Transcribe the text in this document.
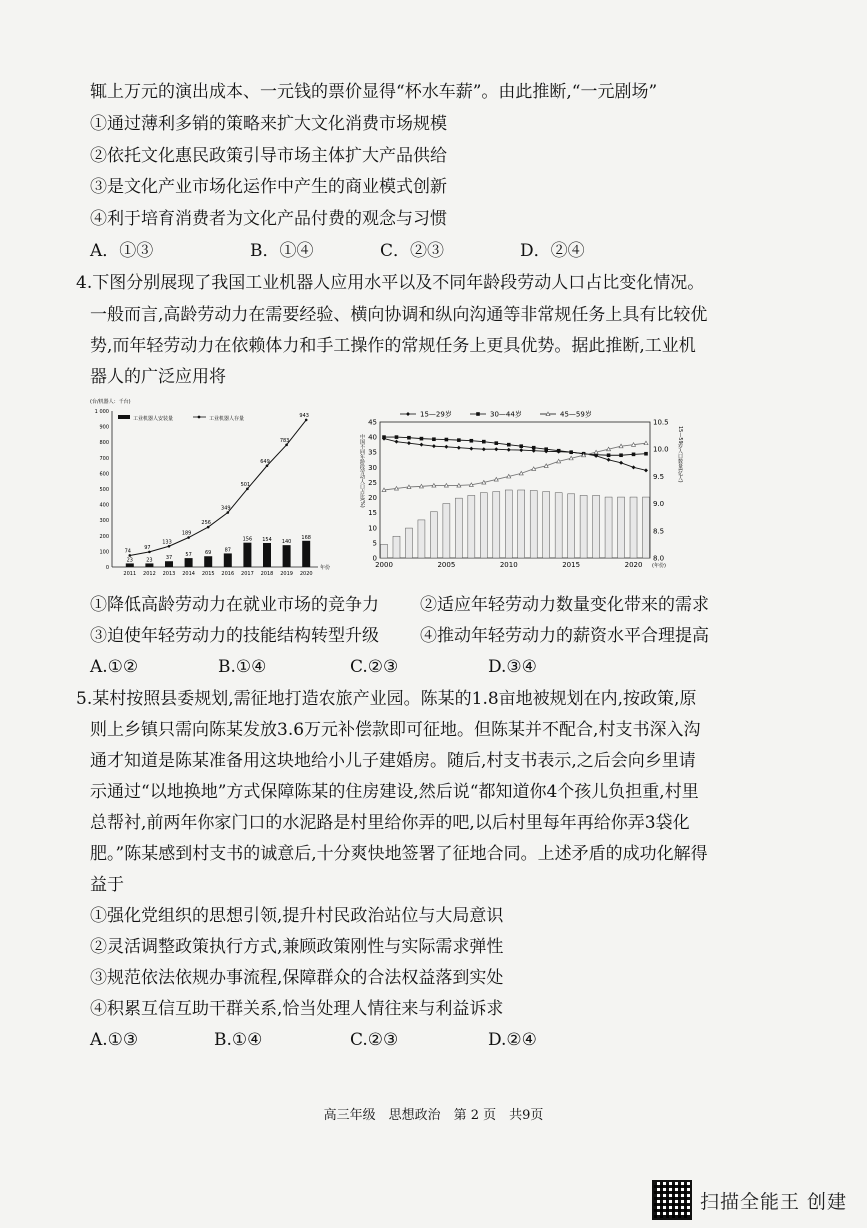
辄上万元的演出成本、一元钱的票价显得“杯水车薪”。由此推断,“一元剧场”
①通过薄利多销的策略来扩大文化消费市场规模
②依托文化惠民政策引导市场主体扩大产品供给
③是文化产业市场化运作中产生的商业模式创新
④利于培育消费者为文化产品付费的观念与习惯
A．①③	B．①④	C．②③	D．②④
4.下图分别展现了我国工业机器人应用水平以及不同年龄段劳动人口占比变化情况。
一般而言,高龄劳动力在需要经验、横向协调和纵向沟通等非常规任务上具有比较优
势,而年轻劳动力在依赖体力和手工操作的常规任务上更具优势。据此推断,工业机
器人的广泛应用将
(台/机器人：千台)
工业机器人安装量	工业机器人存量
0
100
200
300
400
500
600
700
800
900
1 000
2011 2012 2013 2014 2015 2016 2017 2018 2019 2020
年份
23	23	37
57	69	87
156 154 140
168
74
97
133
189
256
349
501
649
783
943	15—29岁	30—44岁	45—59岁
0
5
10
15
20
25
30
35
40
45
8.0
8.5
9.0
9.5
10.0
10.5
2000	2005	2010	2015	2020 (年份)
中国不同年龄段劳动人口占比(%)	15—59岁人口数量(亿人)
①降低高龄劳动力在就业市场的竞争力 ②适应年轻劳动力数量变化带来的需求
③迫使年轻劳动力的技能结构转型升级 ④推动年轻劳动力的薪资水平合理提高
A.①②	B.①④	C.②③	D.③④
5.某村按照县委规划,需征地打造农旅产业园。陈某的1.8亩地被规划在内,按政策,原
则上乡镇只需向陈某发放3.6万元补偿款即可征地。但陈某并不配合,村支书深入沟
通才知道是陈某准备用这块地给小儿子建婚房。随后,村支书表示,之后会向乡里请
示通过“以地换地”方式保障陈某的住房建设,然后说“都知道你4个孩儿负担重,村里
总帮衬,前两年你家门口的水泥路是村里给你弄的吧,以后村里每年再给你弄3袋化
肥。”陈某感到村支书的诚意后,十分爽快地签署了征地合同。上述矛盾的成功化解得
益于
①强化党组织的思想引领,提升村民政治站位与大局意识
②灵活调整政策执行方式,兼顾政策刚性与实际需求弹性
③规范依法依规办事流程,保障群众的合法权益落到实处
④积累互信互助干群关系,恰当处理人情往来与利益诉求
A.①③	B.①④	C.②③	D.②④
高三年级　思想政治　第 2 页　共9页
扫描全能王 创建
